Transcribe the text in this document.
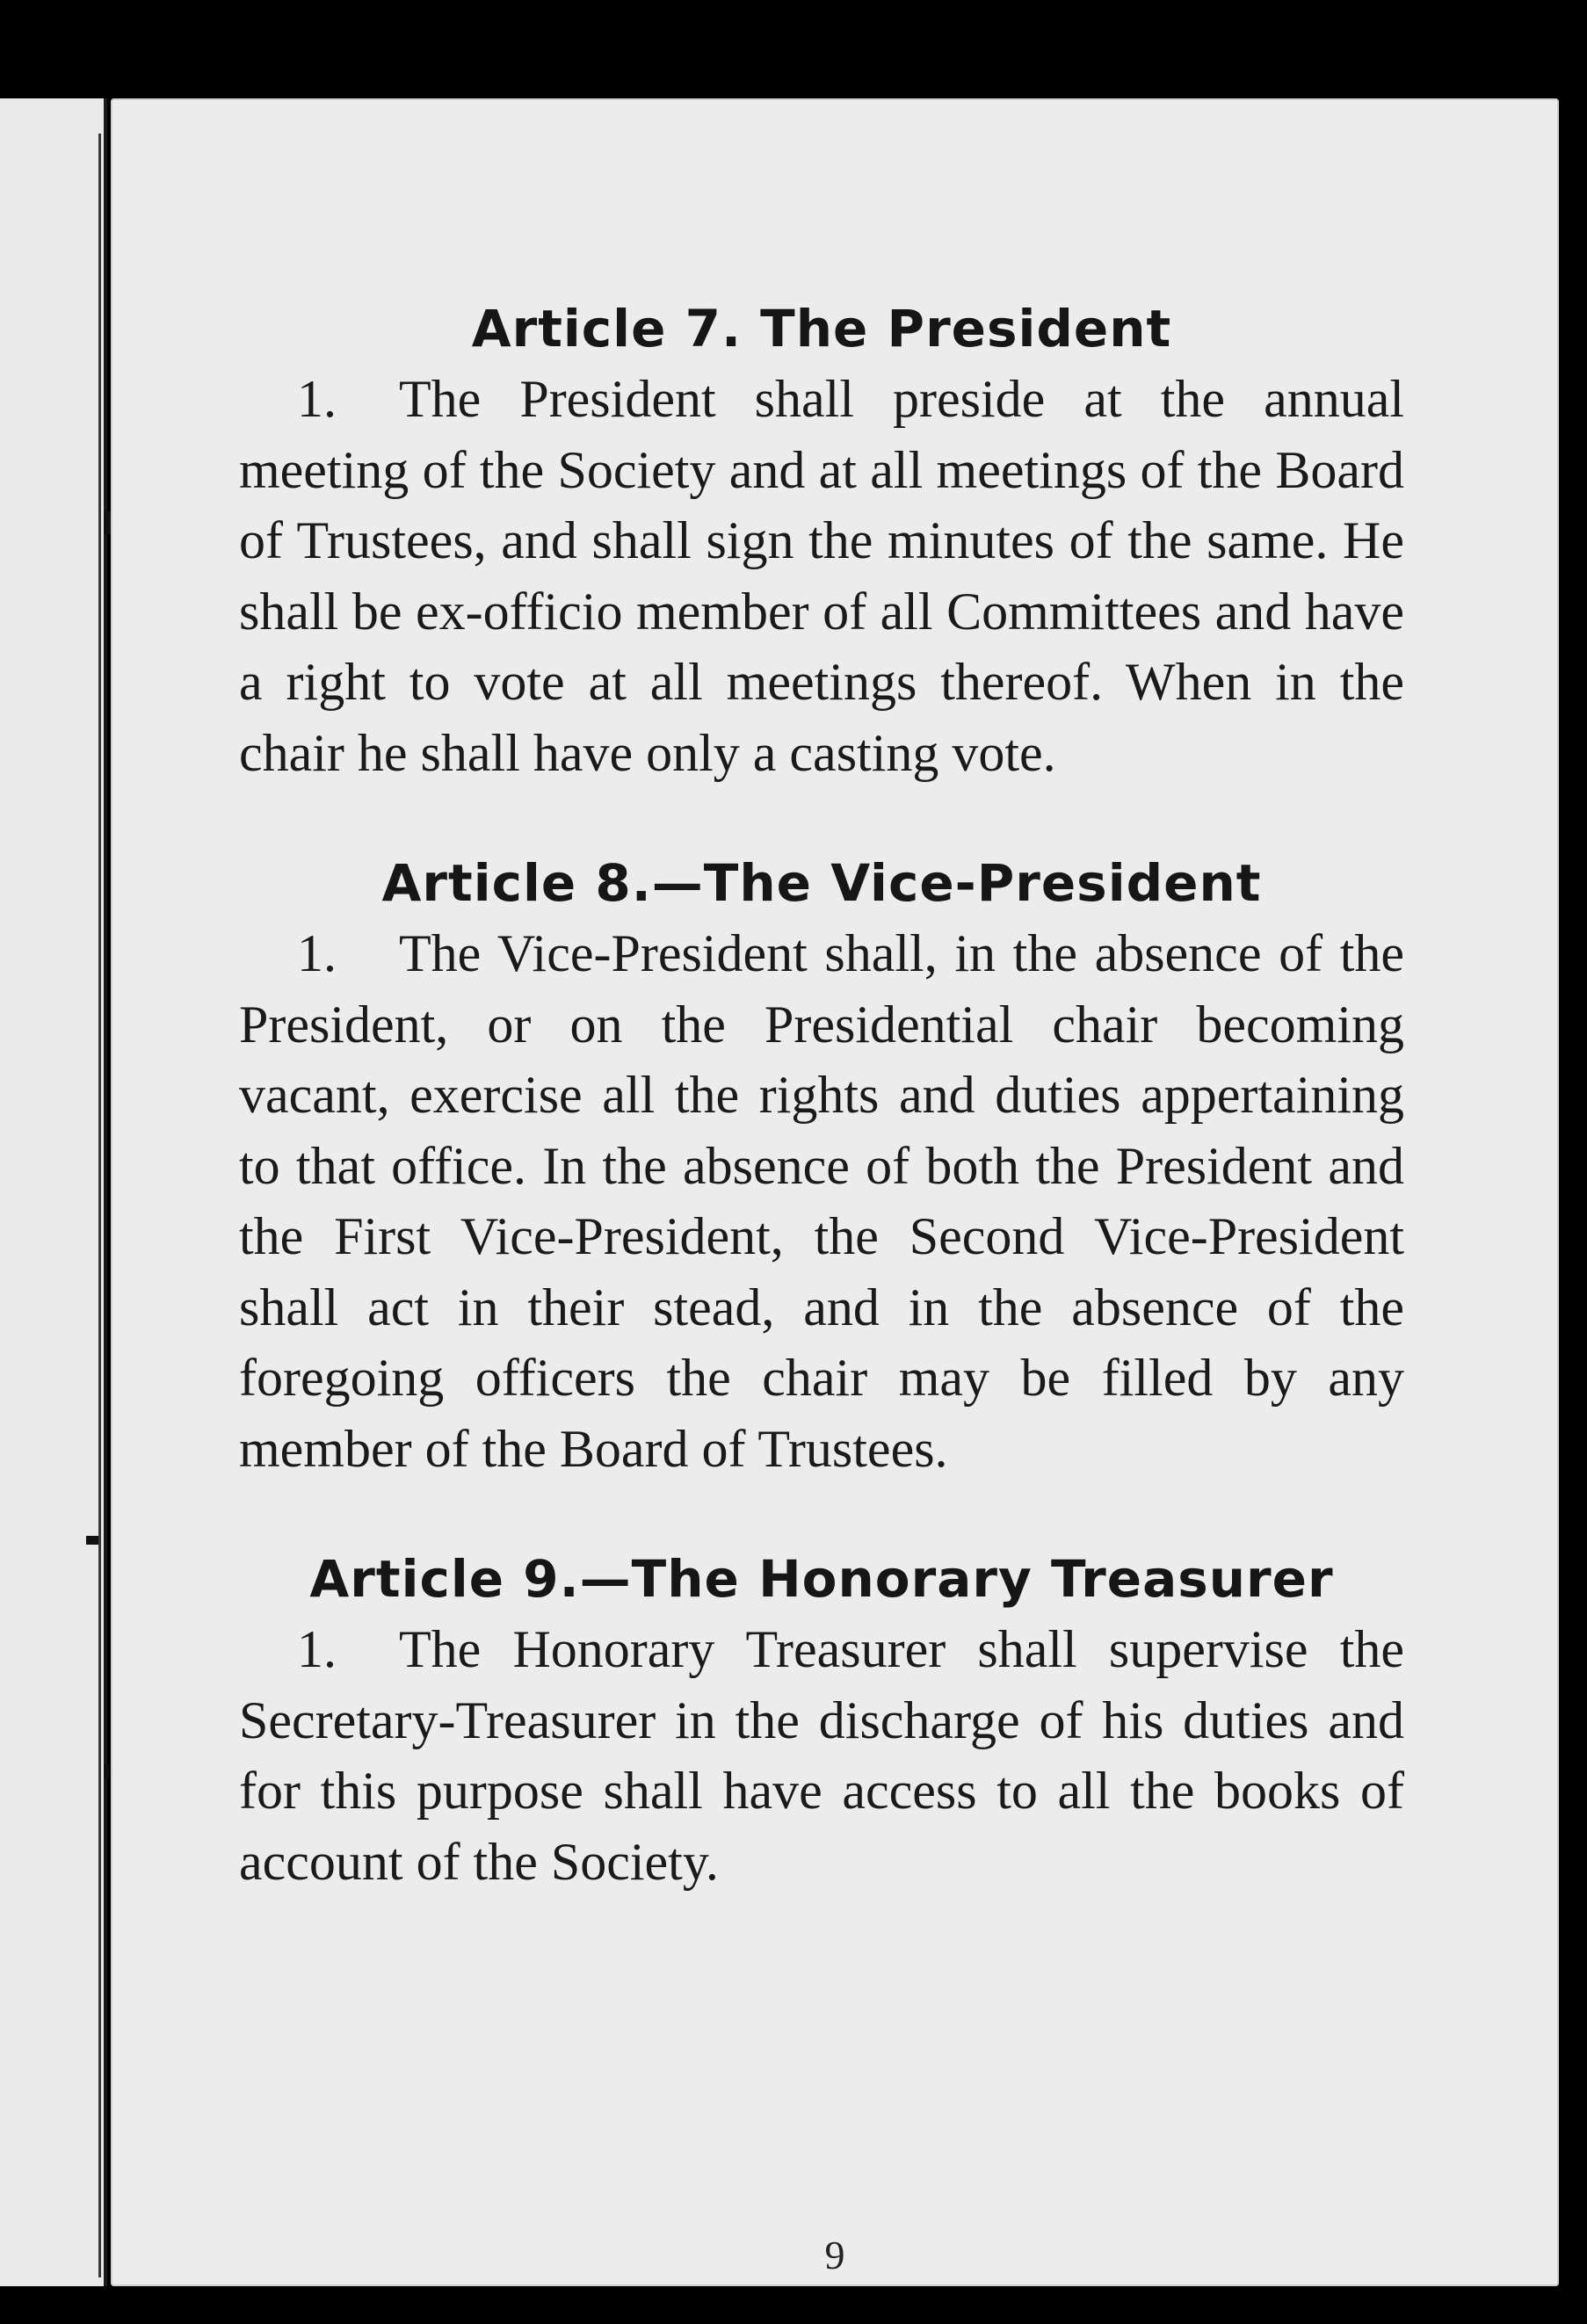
Article 7. The President

1. The President shall preside at the annual meeting of the Society and at all meetings of the Board of Trustees, and shall sign the minutes of the same. He shall be ex-officio member of all Committees and have a right to vote at all meetings thereof. When in the chair he shall have only a casting vote.

Article 8.—The Vice-President

1. The Vice-President shall, in the absence of the President, or on the Presidential chair becoming vacant, exercise all the rights and duties appertaining to that office. In the absence of both the President and the First Vice-President, the Second Vice-President shall act in their stead, and in the absence of the foregoing officers the chair may be filled by any member of the Board of Trustees.

Article 9.—The Honorary Treasurer

1. The Honorary Treasurer shall supervise the Secretary-Treasurer in the discharge of his duties and for this purpose shall have access to all the books of account of the Society.

9
